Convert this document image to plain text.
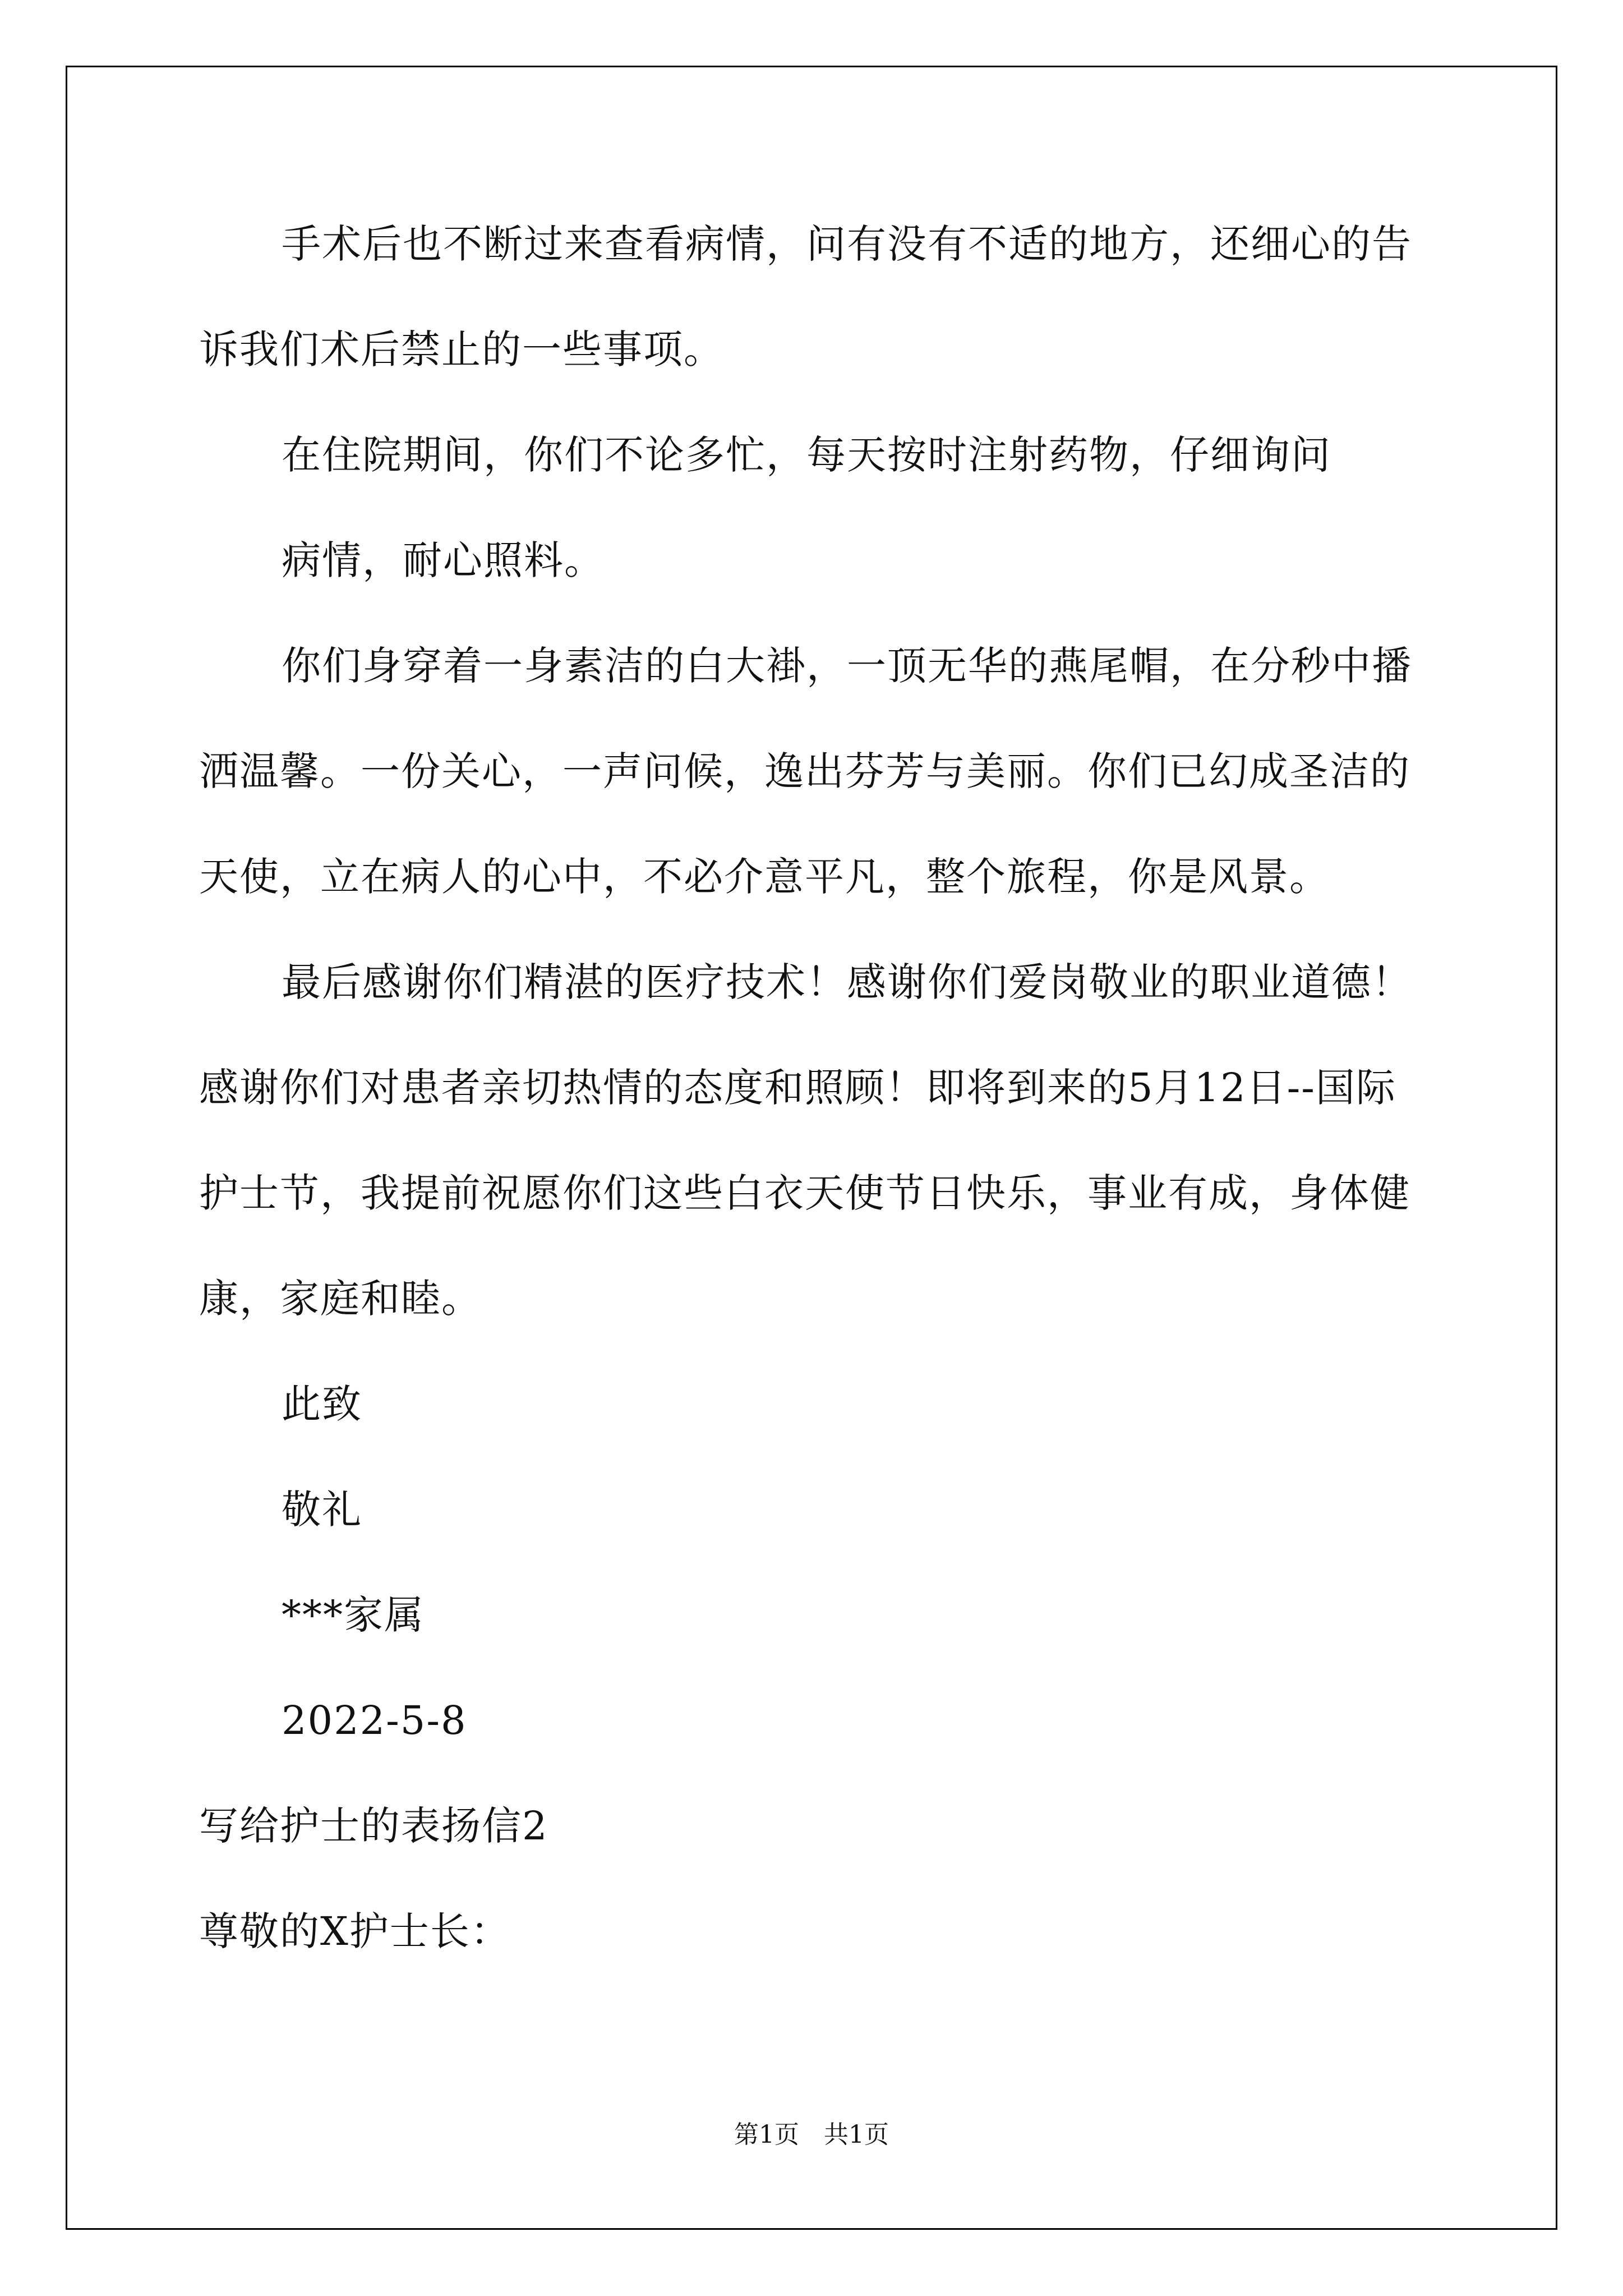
手术后也不断过来查看病情，问有没有不适的地方，还细心的告
诉我们术后禁止的一些事项。
在住院期间，你们不论多忙，每天按时注射药物，仔细询问
病情，耐心照料。
你们身穿着一身素洁的白大褂，一顶无华的燕尾帽，在分秒中播
洒温馨。一份关心，一声问候，逸出芬芳与美丽。你们已幻成圣洁的
天使，立在病人的心中，不必介意平凡，整个旅程，你是风景。
最后感谢你们精湛的医疗技术！感谢你们爱岗敬业的职业道德！
感谢你们对患者亲切热情的态度和照顾！即将到来的5月12日--国际
护士节，我提前祝愿你们这些白衣天使节日快乐，事业有成，身体健
康，家庭和睦。
此致
敬礼
***家属
2022-5-8
写给护士的表扬信2
尊敬的X护士长：
第1页　共1页
